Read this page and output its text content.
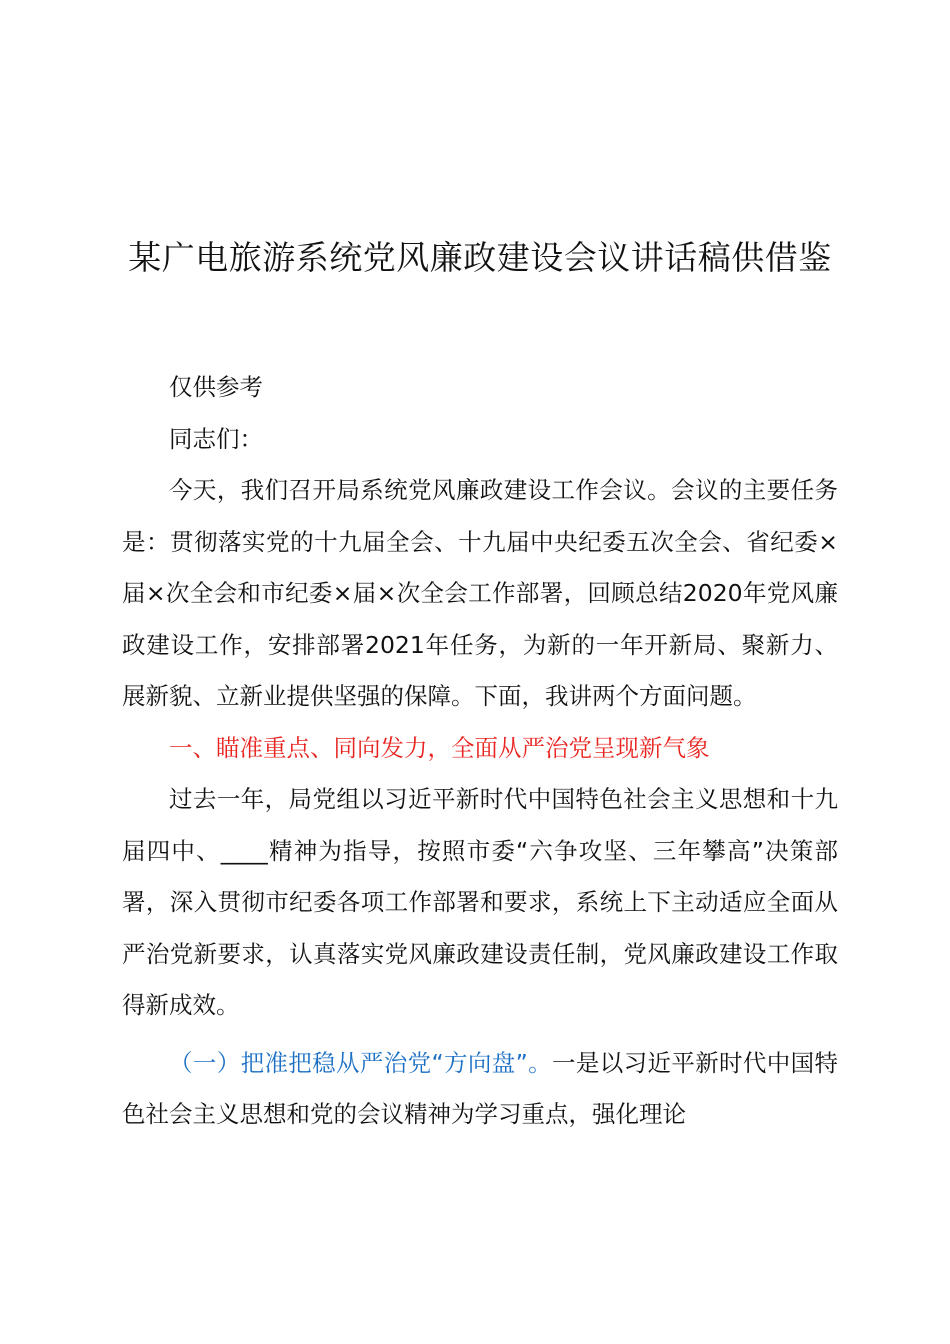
某广电旅游系统党风廉政建设会议讲话稿供借鉴

仅供参考

同志们：

今天，我们召开局系统党风廉政建设工作会议。会议的主要任务是：贯彻落实党的十九届全会、十九届中央纪委五次全会、省纪委×届×次全会和市纪委×届×次全会工作部署，回顾总结2020年党风廉政建设工作，安排部署2021年任务，为新的一年开新局、聚新力、展新貌、立新业提供坚强的保障。下面，我讲两个方面问题。

一、瞄准重点、同向发力，全面从严治党呈现新气象

过去一年，局党组以习近平新时代中国特色社会主义思想和十九届四中、____精神为指导，按照市委“六争攻坚、三年攀高”决策部署，深入贯彻市纪委各项工作部署和要求，系统上下主动适应全面从严治党新要求，认真落实党风廉政建设责任制，党风廉政建设工作取得新成效。

（一）把准把稳从严治党“方向盘”。一是以习近平新时代中国特色社会主义思想和党的会议精神为学习重点，强化理论
